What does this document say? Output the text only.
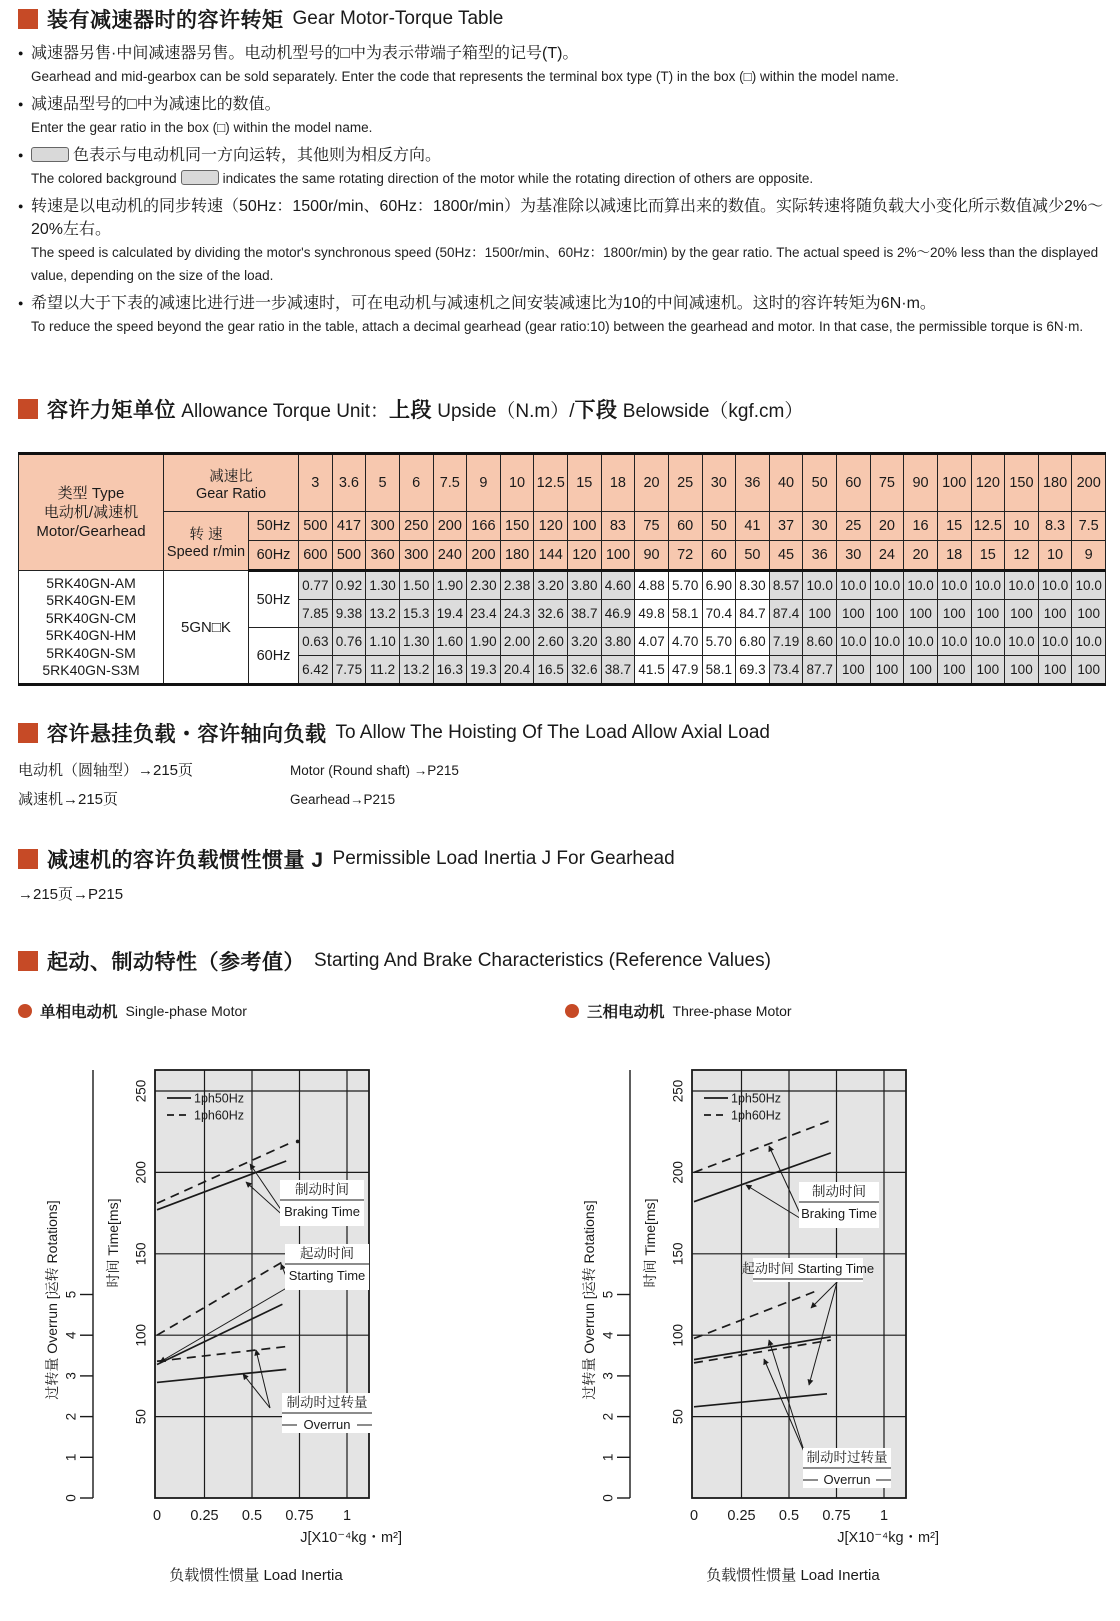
装有减速器时的容许转矩 Gear Motor-Torque Table
● 减速器另售·中间减速器另售。电动机型号的□中为表示带端子箱型的记号(T)。
Gearhead and mid-gearbox can be sold separately. Enter the code that represents the terminal box type (T) in the box (□) within the model name.
● 减速品型号的□中为减速比的数值。
Enter the gear ratio in the box (□) within the model name.
●	色表示与电动机同一方向运转，其他则为相反方向。
The colored background	indicates the same rotating direction of the motor while the rotating direction of others are opposite.
● 转速是以电动机的同步转速（50Hz：1500r/min、60Hz：1800r/min）为基准除以减速比而算出来的数值。实际转速将随负载大小变化所示数值减少2%～20%左右。
The speed is calculated by dividing the motor's synchronous speed (50Hz：1500r/min、60Hz：1800r/min) by the gear ratio. The actual speed is 2%～20% less than the displayed value, depending on the size of the load.
● 希望以大于下表的减速比进行进一步减速时，可在电动机与减速机之间安装减速比为10的中间减速机。这时的容许转矩为6N·m。
To reduce the speed beyond the gear ratio in the table, attach a decimal gearhead (gear ratio:10) between the gearhead and motor. In that case, the permissible torque is 6N·m.
容许力矩单位 Allowance Torque Unit：上段 Upside（N.m）/下段 Belowside（kgf.cm）
类型 Type
电动机/减速机
Motor/Gearhead

减速比
Gear Ratio
	3	3.6	5	6	7.5	9	10	12.5	15	18	20	25	30	36	40	50	60	75	90	100	120	150	180	200

	转 速
Speed r/min	50Hz	500	417	300	250	200	166	150	120	100	83	75	60	50	41	37	30	25	20	16	15	12.5	10	8.3	7.5
		60Hz	600	500	360	300	240	200	180	144	120	100	90	72	60	50	45	36	30	24	20	18	15	12	10	9

5RK40GN-AM
5RK40GN-EM
5RK40GN-CM
5RK40GN-HM
5RK40GN-SM
5RK40GN-S3M
	5GN□K	50Hz	0.77	0.92	1.30	1.50	1.90	2.30	2.38	3.20	3.80	4.60	4.88	5.70	6.90	8.30	8.57	10.0	10.0	10.0	10.0	10.0	10.0	10.0	10.0	10.0
			7.85	9.38	13.2	15.3	19.4	23.4	24.3	32.6	38.7	46.9	49.8	58.1	70.4	84.7	87.4	100	100	100	100	100	100	100	100	100
		60Hz	0.63	0.76	1.10	1.30	1.60	1.90	2.00	2.60	3.20	3.80	4.07	4.70	5.70	6.80	7.19	8.60	10.0	10.0	10.0	10.0	10.0	10.0	10.0	10.0
			6.42	7.75	11.2	13.2	16.3	19.3	20.4	16.5	32.6	38.7	41.5	47.9	58.1	69.3	73.4	87.7	100	100	100	100	100	100	100	100
容许悬挂负载・容许轴向负载 To Allow The Hoisting Of The Load Allow Axial Load
电动机（圆轴型）→215页	Motor (Round shaft) →P215
减速机→215页	Gearhead→P215
减速机的容许负载惯性惯量 J Permissible Load Inertia J For Gearhead
→215页→P215
起动、制动特性（参考值） Starting And Brake Characteristics (Reference Values)
单相电动机 Single-phase Motor	三相电动机 Three-phase Motor
50
100
150
200
250
0
1
2
3
4
5
过转量 Overrun [运转 Rotations]	时间 Time[ms]
0 0.25 0.5 0.75 1
1ph50Hz
1ph60Hz
制动时间
Braking Time
起动时间
Starting Time
制动时过转量
Overrun
J[X10⁻⁴kg・m²]
负载惯性惯量 Load Inertia
50
100
150
200
250
0
1
2
3
4
5
过转量 Overrun [运转 Rotations]	时间 Time[ms]
0 0.25 0.5 0.75 1
1ph50Hz
1ph60Hz
制动时间
Braking Time
起动时间 Starting Time
制动时过转量
Overrun
J[X10⁻⁴kg・m²]
负载惯性惯量 Load Inertia
